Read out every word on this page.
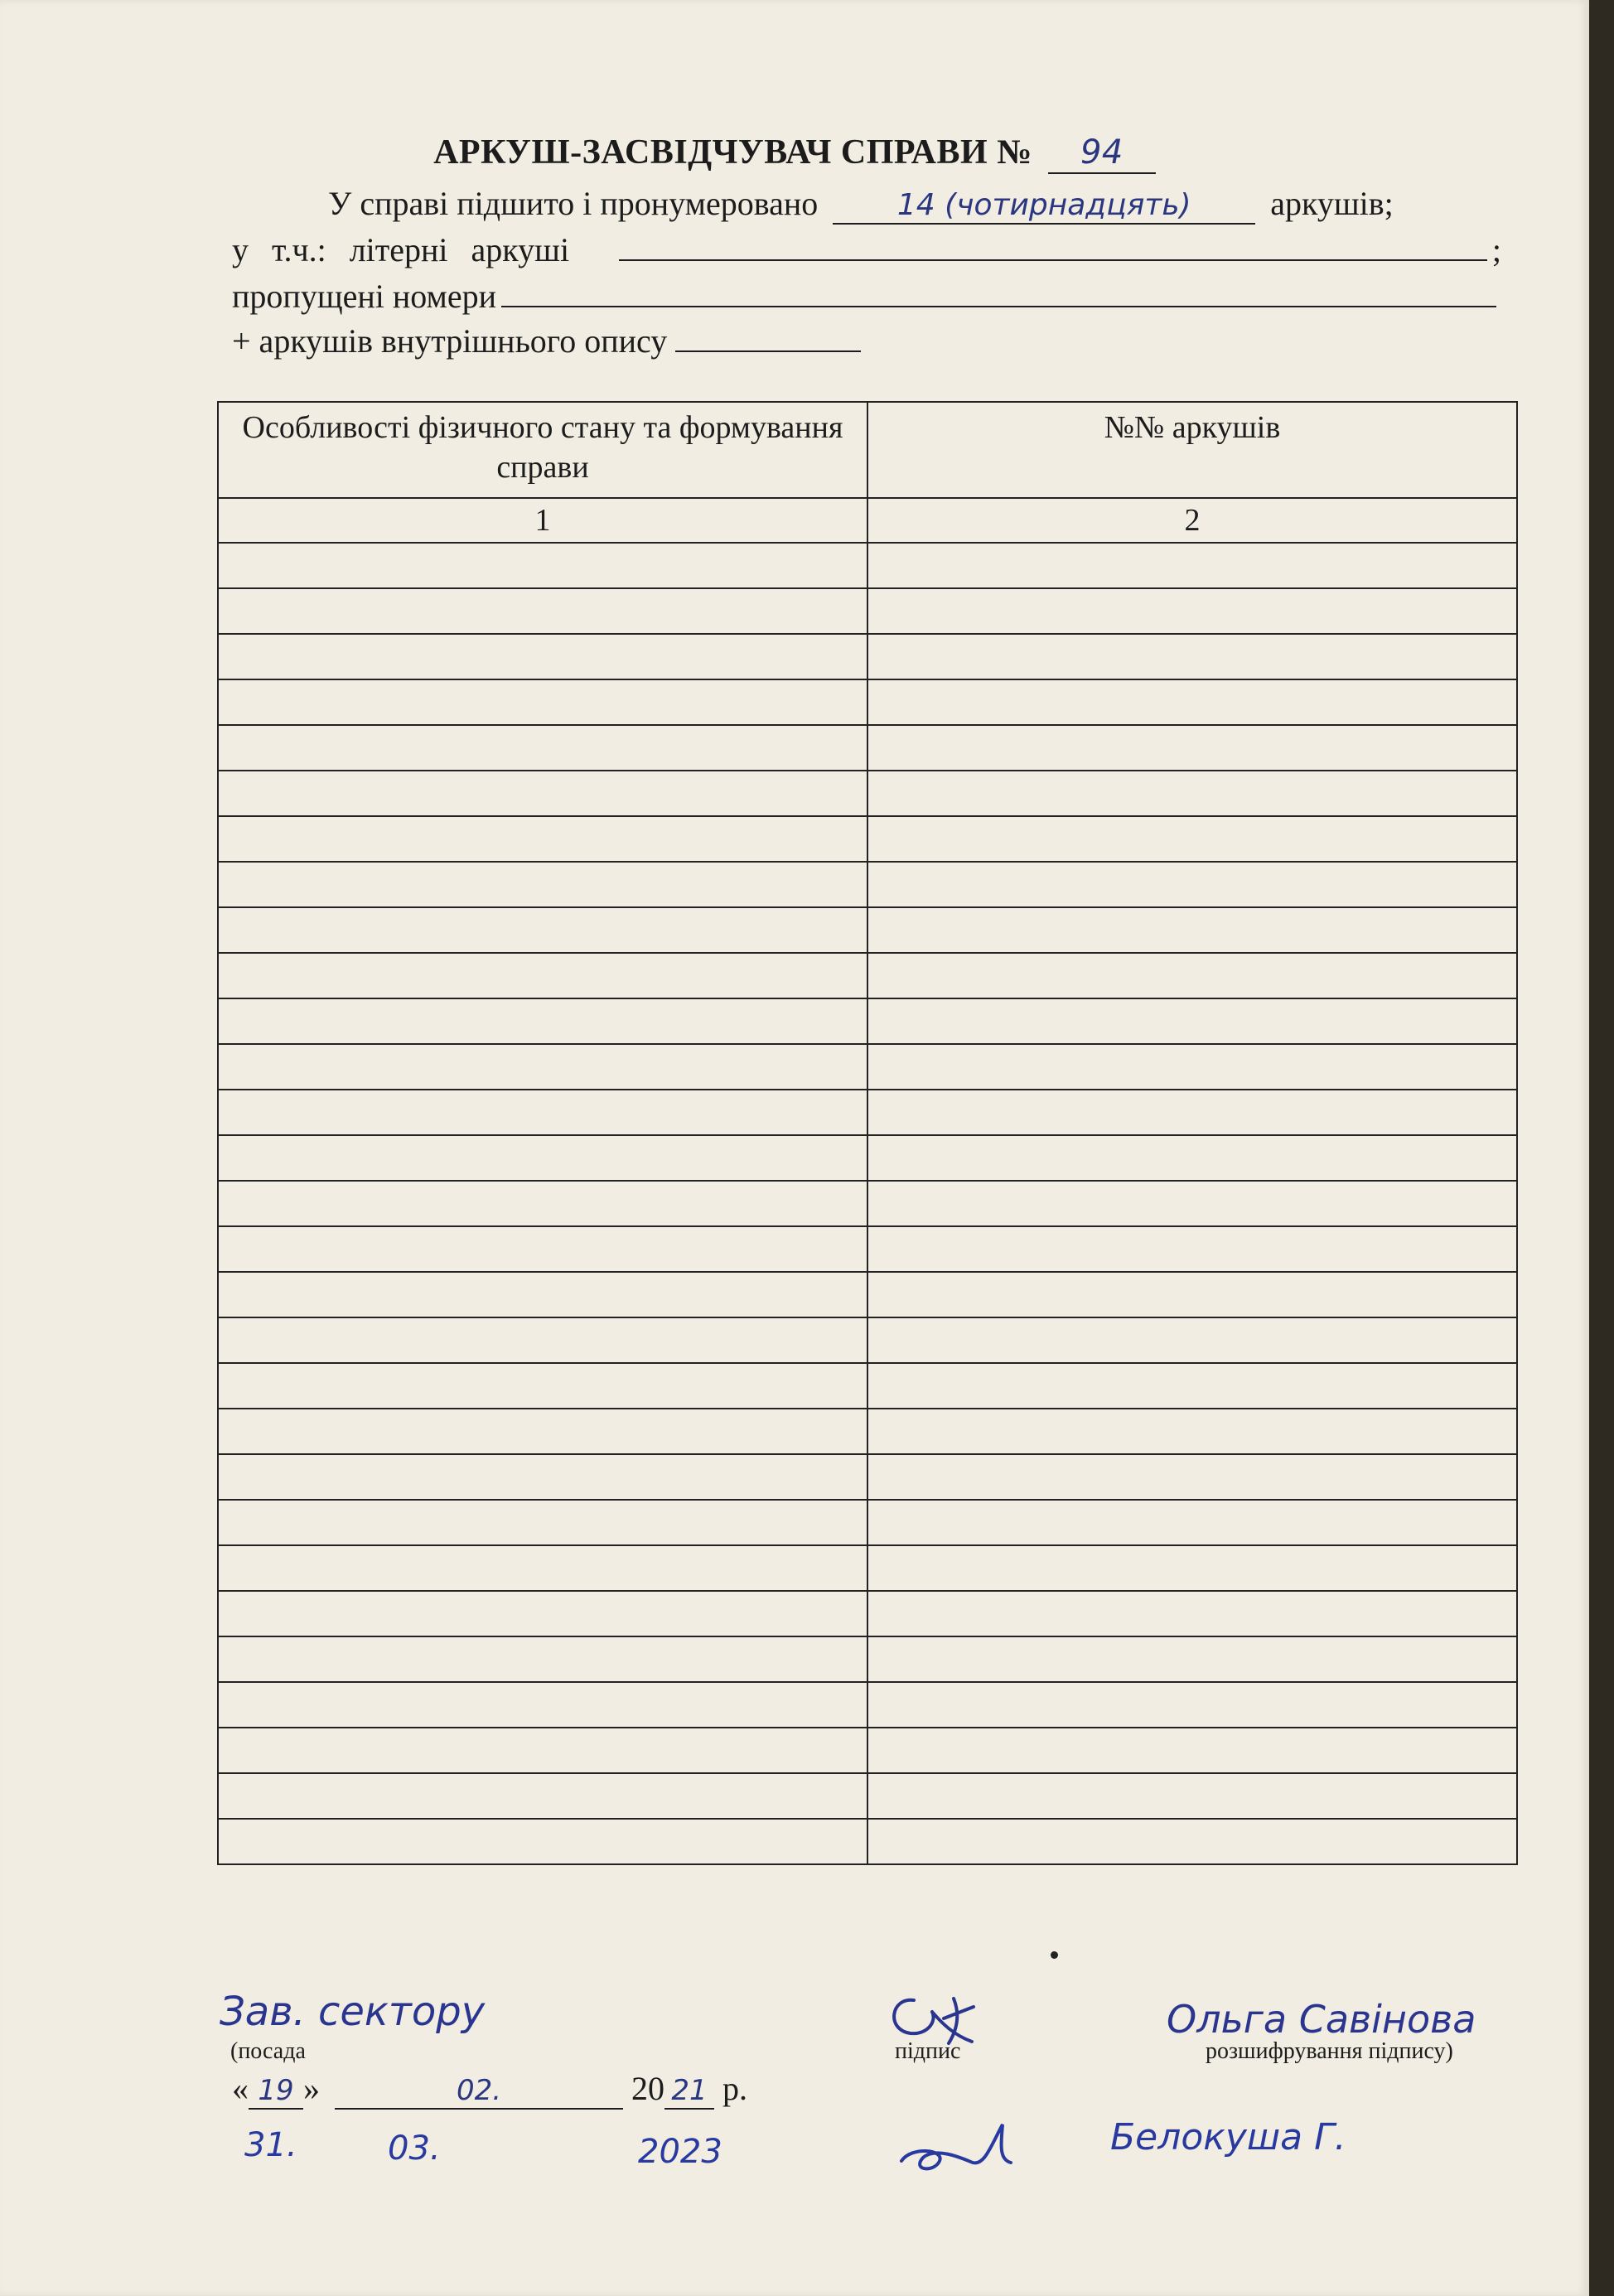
АРКУШ-ЗАСВІДЧУВАЧ СПРАВИ № 94
У справі підшито і пронумеровано	14 (чотирнадцять) аркушів;
у т.ч.: літерні аркуші	;
пропущені номери
+ аркушів внутрішнього опису
Особливості фізичного стану та формування справи	№№ аркушів
1	2

Зав. сектору
(посада	підпис
Ольга Савінова
розшифрування підпису)
« 19 »	02.	20 21 р.
31.	03.	2023	Белокуша Г.
